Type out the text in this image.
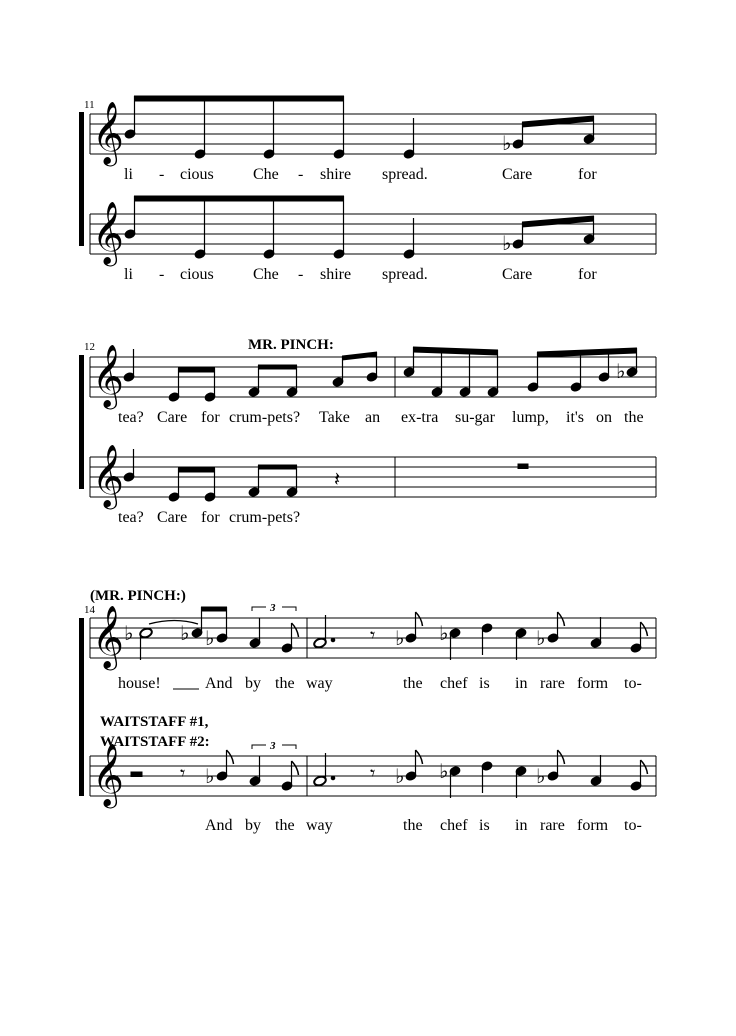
11
𝄞	♭
li - cious Che - shire spread.	Care	for
𝄞	♭
li - cious Che - shire spread.	Care	for
12	MR. PINCH:
𝄞	♭
tea? Care for crum-pets? Take an ex-tra su-gar lump, it's on the
𝄞	𝄽
tea? Care for crum-pets?
(MR. PINCH:)
14
𝄞	3
♭ ♭ ♭	♭ ♭	♭
𝄾
house!	And by the way	the chef is in rare form to-
WAITSTAFF #1,
WAITSTAFF #2:
𝄞	3
𝄾 ♭	𝄾 ♭ ♭	♭
And by the way	the chef is in rare form to-
